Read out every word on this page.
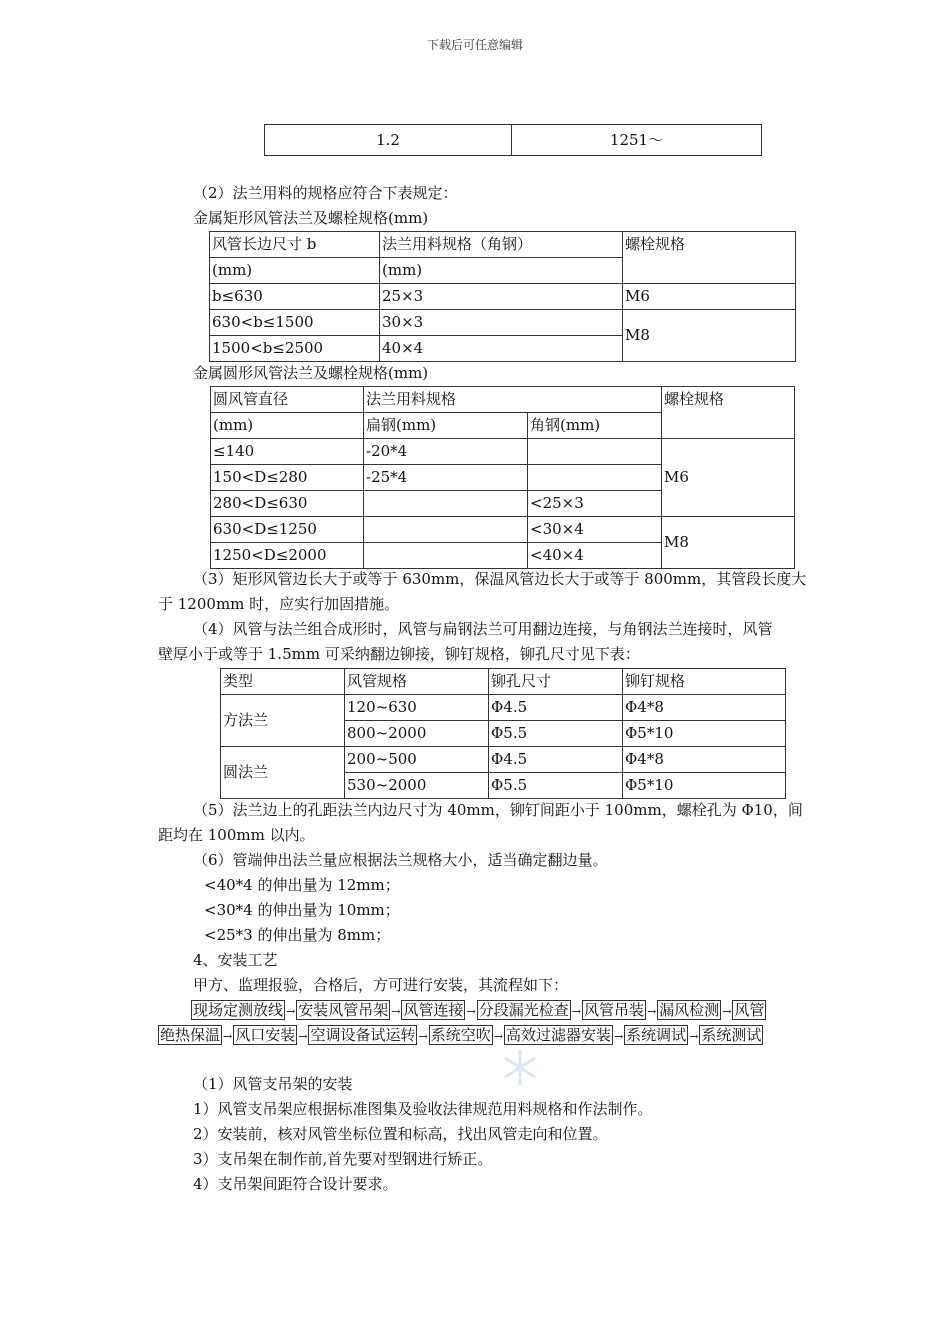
下载后可任意编辑
1.2	1251～
（2）法兰用料的规格应符合下表规定：
金属矩形风管法兰及螺栓规格(mm)
风管长边尺寸 b	法兰用料规格（角钢）	螺栓规格
(mm)	(mm)	
b≤630	25×3	M6
630<b≤1500	30×3	M8
1500<b≤2500	40×4	
金属圆形风管法兰及螺栓规格(mm)
圆风管直径	法兰用料规格		螺栓规格
(mm)	扁钢(mm)	角钢(mm)	
≤140	-20*4		M6
150<D≤280	-25*4		
280<D≤630		<25×3	
630<D≤1250		<30×4	M8
1250<D≤2000		<40×4	
（3）矩形风管边长大于或等于 630mm，保温风管边长大于或等于 800mm，其管段长度大
于 1200mm 时，应实行加固措施。
（4）风管与法兰组合成形时，风管与扁钢法兰可用翻边连接，与角钢法兰连接时，风管
壁厚小于或等于 1.5mm 可采纳翻边铆接，铆钉规格，铆孔尺寸见下表：
类型	风管规格	铆孔尺寸	铆钉规格
方法兰	120~630	Φ4.5	Φ4*8
	800~2000	Φ5.5	Φ5*10
圆法兰	200~500	Φ4.5	Φ4*8
	530~2000	Φ5.5	Φ5*10
（5）法兰边上的孔距法兰内边尺寸为 40mm，铆钉间距小于 100mm，螺栓孔为 Φ10，间
距均在 100mm 以内。
（6）管端伸出法兰量应根据法兰规格大小，适当确定翻边量。
<40*4 的伸出量为 12mm；
<30*4 的伸出量为 10mm；
<25*3 的伸出量为 8mm；
4、安装工艺
甲方、监理报验，合格后，方可进行安装，其流程如下：
现场定测放线 → 安装风管吊架 → 风管连接 → 分段漏光检查 → 风管吊装 → 漏风检测 → 风管
绝热保温 → 风口安装 → 空调设备试运转 → 系统空吹 → 高效过滤器安装 → 系统调试 → 系统测试
（1）风管支吊架的安装
1）风管支吊架应根据标准图集及验收法律规范用料规格和作法制作。
2）安装前，核对风管坐标位置和标高，找出风管走向和位置。
3）支吊架在制作前,首先要对型钢进行矫正。
4）支吊架间距符合设计要求。
